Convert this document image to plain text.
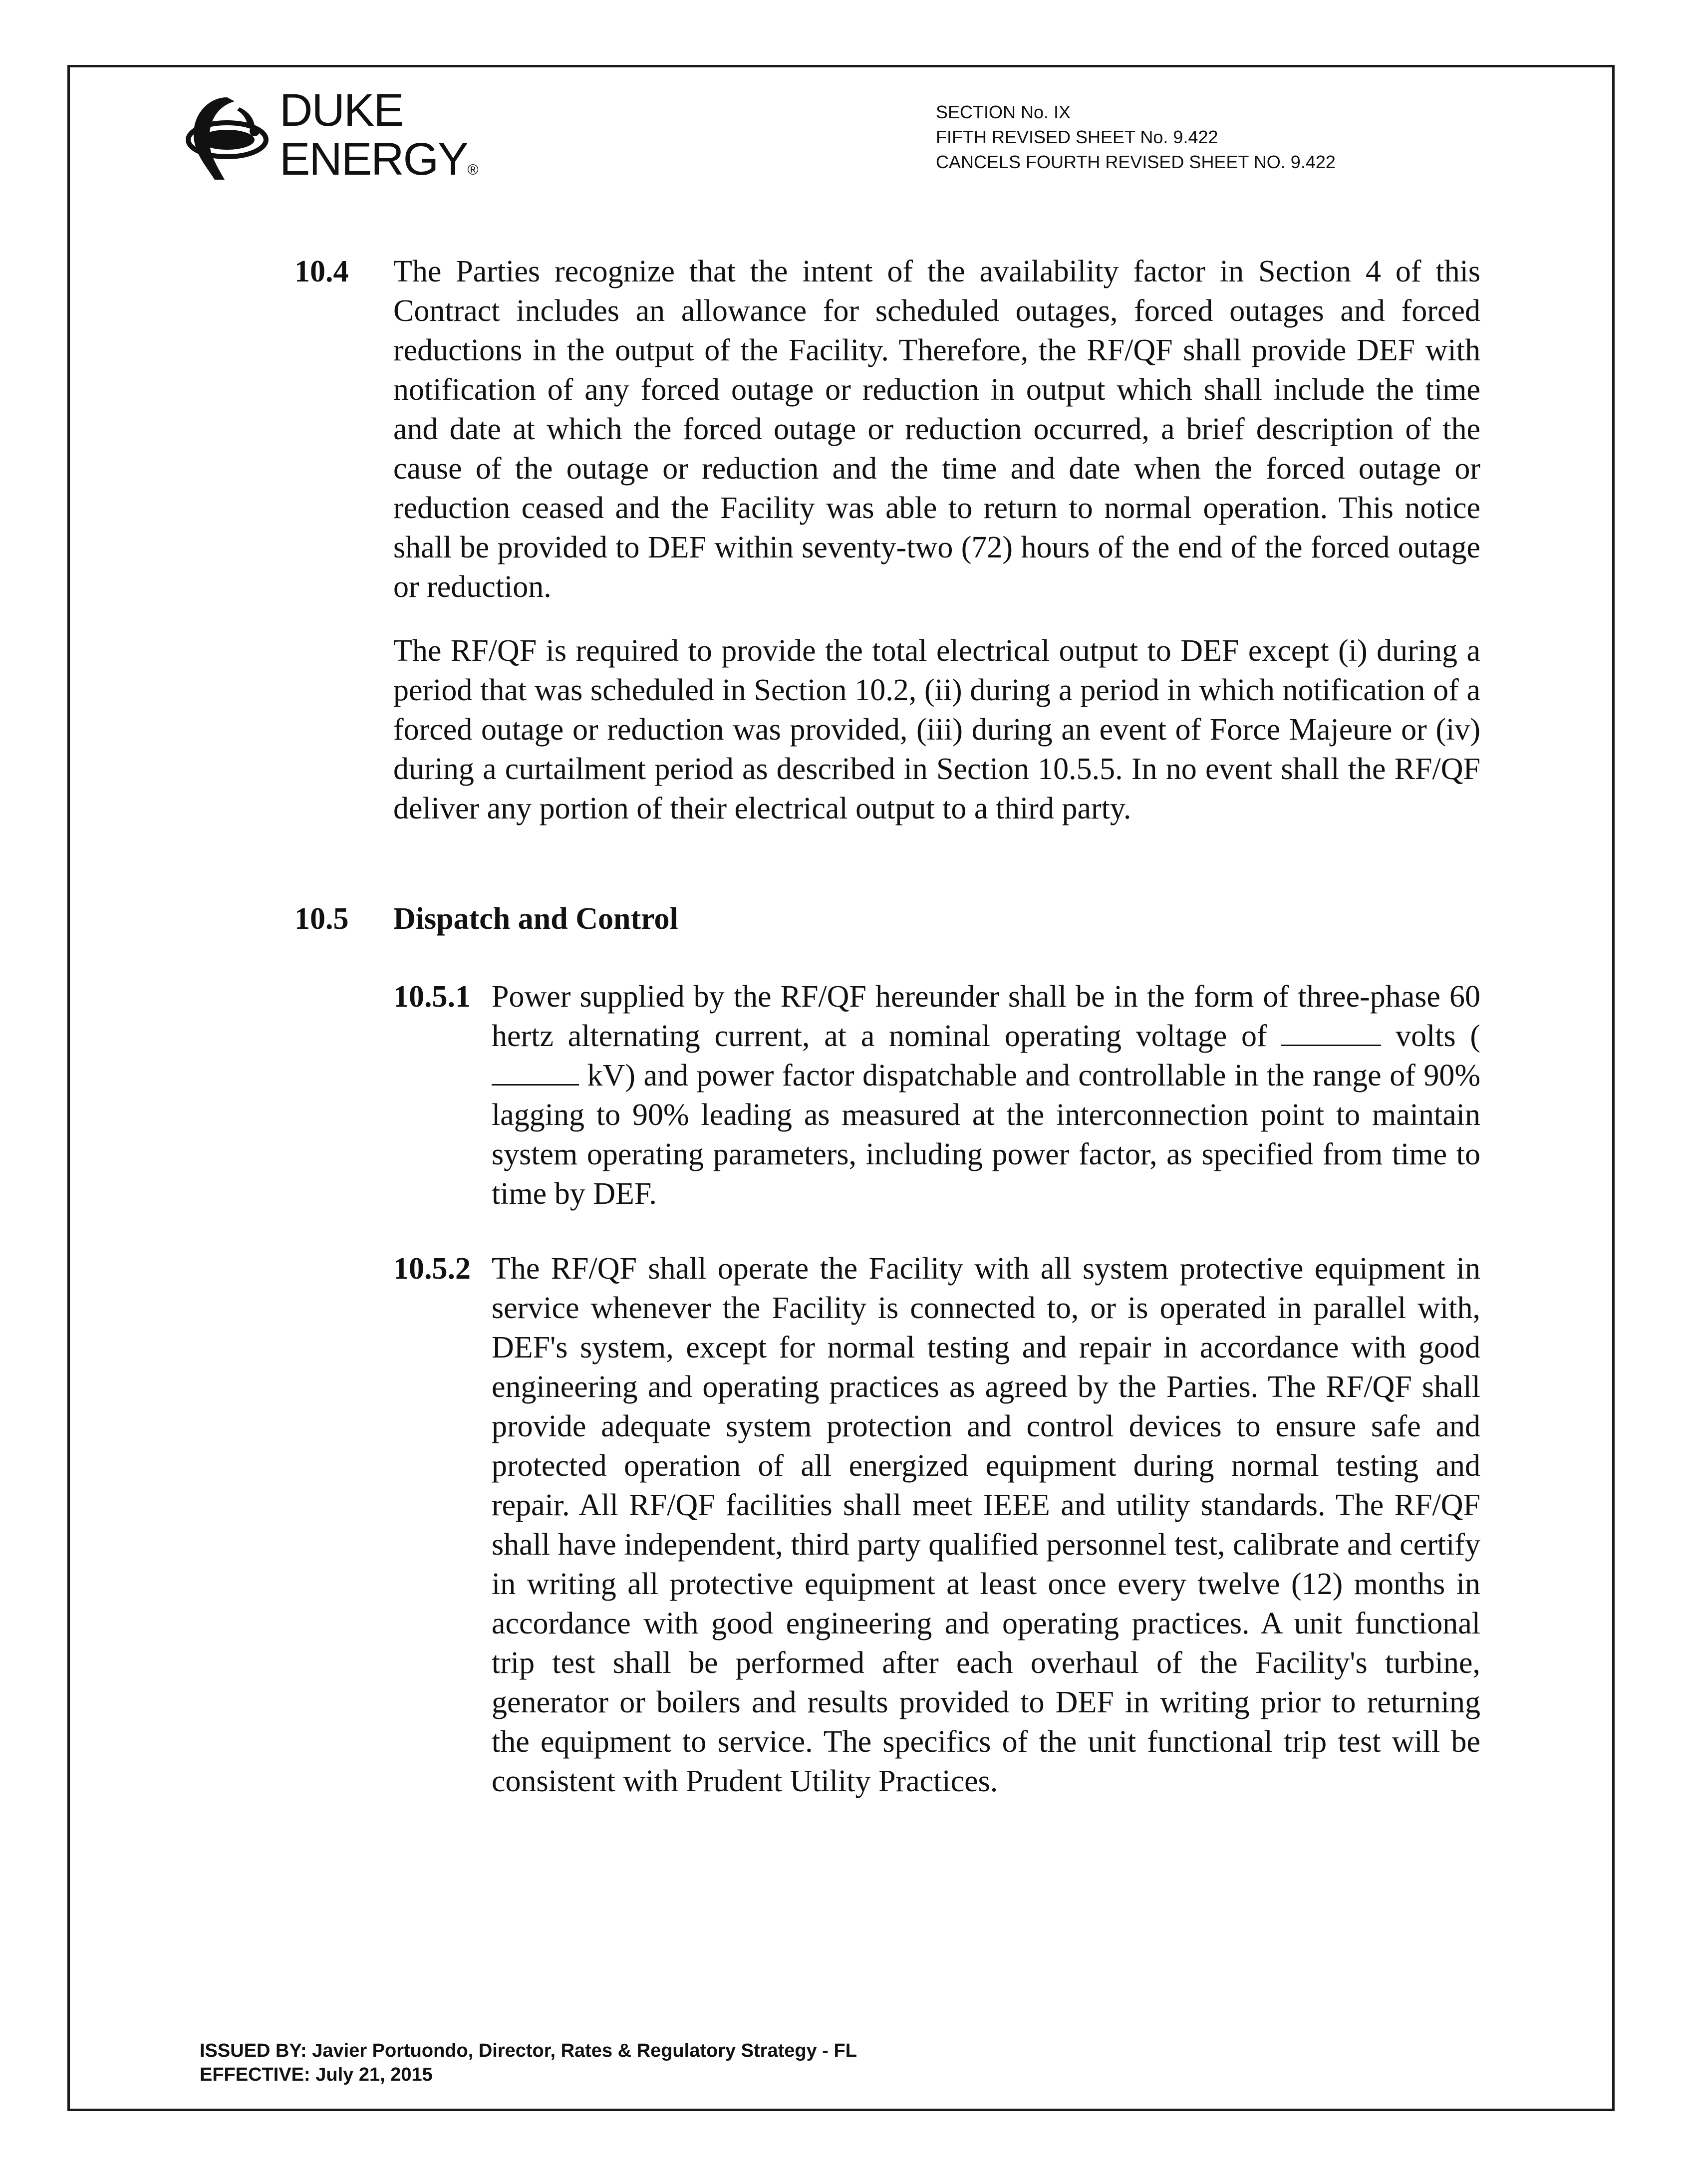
DUKE
ENERGY®
SECTION No. IX
FIFTH REVISED SHEET No. 9.422
CANCELS FOURTH REVISED SHEET NO. 9.422
10.4 The Parties recognize that the intent of the availability factor in Section 4 of this Contract includes an allowance for scheduled outages, forced outages and forced reductions in the output of the Facility. Therefore, the RF/QF shall provide DEF with notification of any forced outage or reduction in output which shall include the time and date at which the forced outage or reduction occurred, a brief description of the cause of the outage or reduction and the time and date when the forced outage or reduction ceased and the Facility was able to return to normal operation. This notice shall be provided to DEF within seventy-two (72) hours of the end of the forced outage or reduction.

The RF/QF is required to provide the total electrical output to DEF except (i) during a period that was scheduled in Section 10.2, (ii) during a period in which notification of a forced outage or reduction was provided, (iii) during an event of Force Majeure or (iv) during a curtailment period as described in Section 10.5.5. In no event shall the RF/QF deliver any portion of their electrical output to a third party.

10.5 Dispatch and Control
10.5.1 Power supplied by the RF/QF hereunder shall be in the form of three-phase 60 hertz alternating current, at a nominal operating voltage of	volts ( kV) and power factor dispatchable and controllable in the range of 90% lagging to 90% leading as measured at the interconnection point to maintain system operating parameters, including power factor, as specified from time to time by DEF.

10.5.2 The RF/QF shall operate the Facility with all system protective equipment in service whenever the Facility is connected to, or is operated in parallel with, DEF's system, except for normal testing and repair in accordance with good engineering and operating practices as agreed by the Parties. The RF/QF shall provide adequate system protection and control devices to ensure safe and protected operation of all energized equipment during normal testing and repair. All RF/QF facilities shall meet IEEE and utility standards. The RF/QF shall have independent, third party qualified personnel test, calibrate and certify in writing all protective equipment at least once every twelve (12) months in accordance with good engineering and operating practices. A unit functional trip test shall be performed after each overhaul of the Facility's turbine, generator or boilers and results provided to DEF in writing prior to returning the equipment to service. The specifics of the unit functional trip test will be consistent with Prudent Utility Practices.

ISSUED BY: Javier Portuondo, Director, Rates & Regulatory Strategy - FL
EFFECTIVE: July 21, 2015
